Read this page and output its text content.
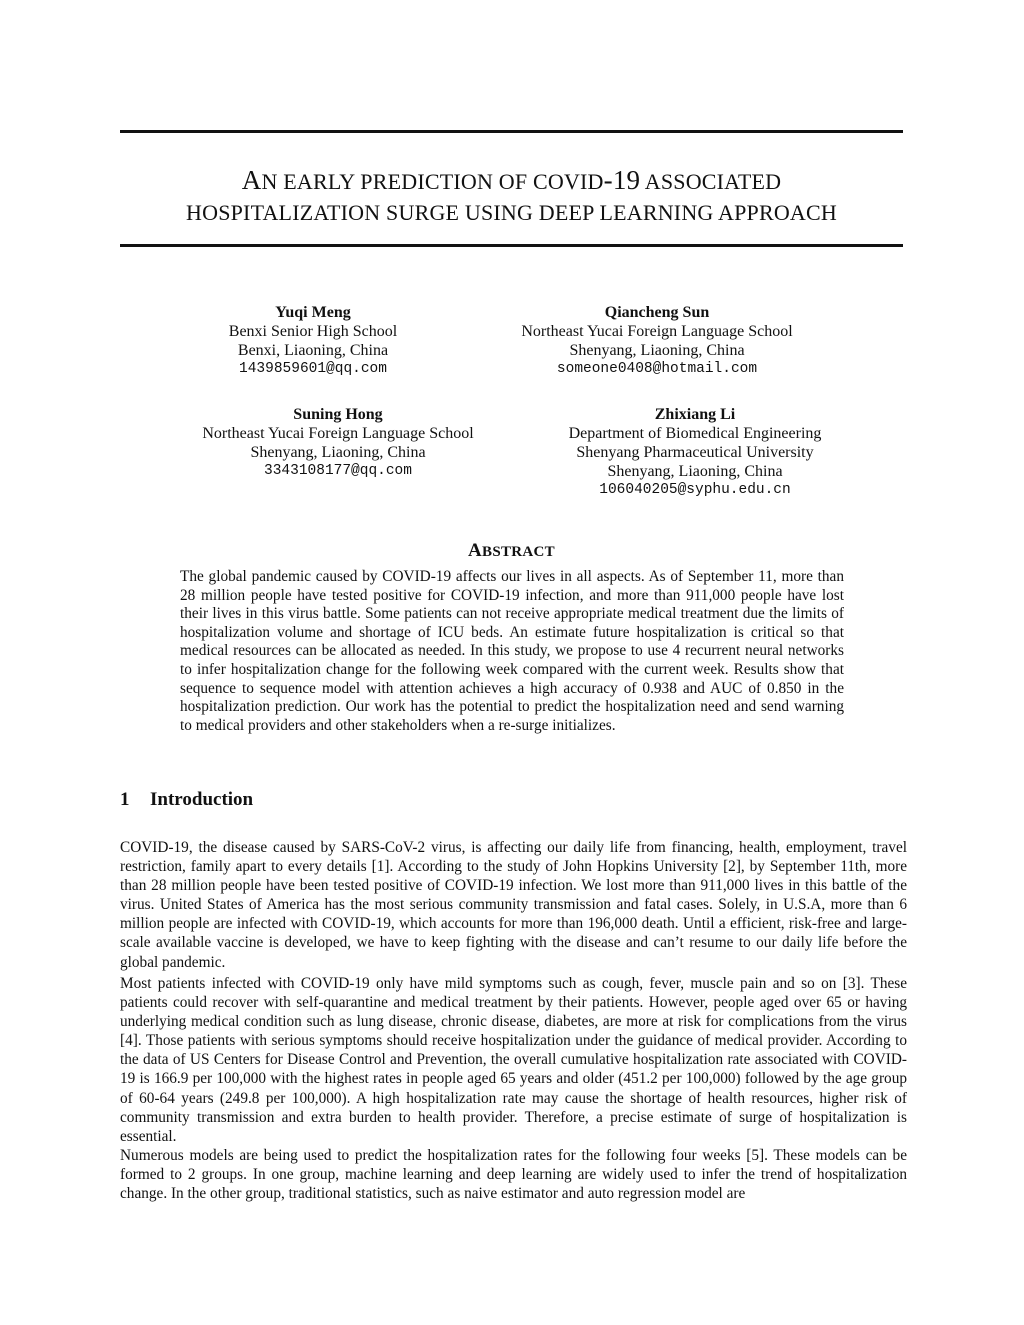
AN EARLY PREDICTION OF COVID-19 ASSOCIATED
HOSPITALIZATION SURGE USING DEEP LEARNING APPROACH
Yuqi Meng
Benxi Senior High School
Benxi, Liaoning, China
1439859601@qq.com
Qiancheng Sun
Northeast Yucai Foreign Language School
Shenyang, Liaoning, China
someone0408@hotmail.com
Suning Hong
Northeast Yucai Foreign Language School
Shenyang, Liaoning, China
3343108177@qq.com
Zhixiang Li
Department of Biomedical Engineering
Shenyang Pharmaceutical University
Shenyang, Liaoning, China
106040205@syphu.edu.cn
ABSTRACT

The global pandemic caused by COVID-19 affects our lives in all aspects. As of September 11, more than 28 million people have tested positive for COVID-19 infection, and more than 911,000 people have lost their lives in this virus battle. Some patients can not receive appropriate medical treatment due the limits of hospitalization volume and shortage of ICU beds. An estimate future hospitalization is critical so that medical resources can be allocated as needed. In this study, we propose to use 4 recurrent neural networks to infer hospitalization change for the following week compared with the current week. Results show that sequence to sequence model with attention achieves a high accuracy of 0.938 and AUC of 0.850 in the hospitalization prediction. Our work has the potential to predict the hospitalization need and send warning to medical providers and other stakeholders when a re-surge initializes.

1 Introduction

COVID-19, the disease caused by SARS-CoV-2 virus, is affecting our daily life from financing, health, employment, travel restriction, family apart to every details [1]. According to the study of John Hopkins University [2], by September 11th, more than 28 million people have been tested positive of COVID-19 infection. We lost more than 911,000 lives in this battle of the virus. United States of America has the most serious community transmission and fatal cases. Solely, in U.S.A, more than 6 million people are infected with COVID-19, which accounts for more than 196,000 death. Until a efficient, risk-free and large-scale available vaccine is developed, we have to keep fighting with the disease and can’t resume to our daily life before the global pandemic.

Most patients infected with COVID-19 only have mild symptoms such as cough, fever, muscle pain and so on [3]. These patients could recover with self-quarantine and medical treatment by their patients. However, people aged over 65 or having underlying medical condition such as lung disease, chronic disease, diabetes, are more at risk for complications from the virus [4]. Those patients with serious symptoms should receive hospitalization under the guidance of medical provider. According to the data of US Centers for Disease Control and Prevention, the overall cumulative hospitalization rate associated with COVID-19 is 166.9 per 100,000 with the highest rates in people aged 65 years and older (451.2 per 100,000) followed by the age group of 60-64 years (249.8 per 100,000). A high hospitalization rate may cause the shortage of health resources, higher risk of community transmission and extra burden to health provider. Therefore, a precise estimate of surge of hospitalization is essential.

Numerous models are being used to predict the hospitalization rates for the following four weeks [5]. These models can be formed to 2 groups. In one group, machine learning and deep learning are widely used to infer the trend of hospitalization change. In the other group, traditional statistics, such as naive estimator and auto regression model are
